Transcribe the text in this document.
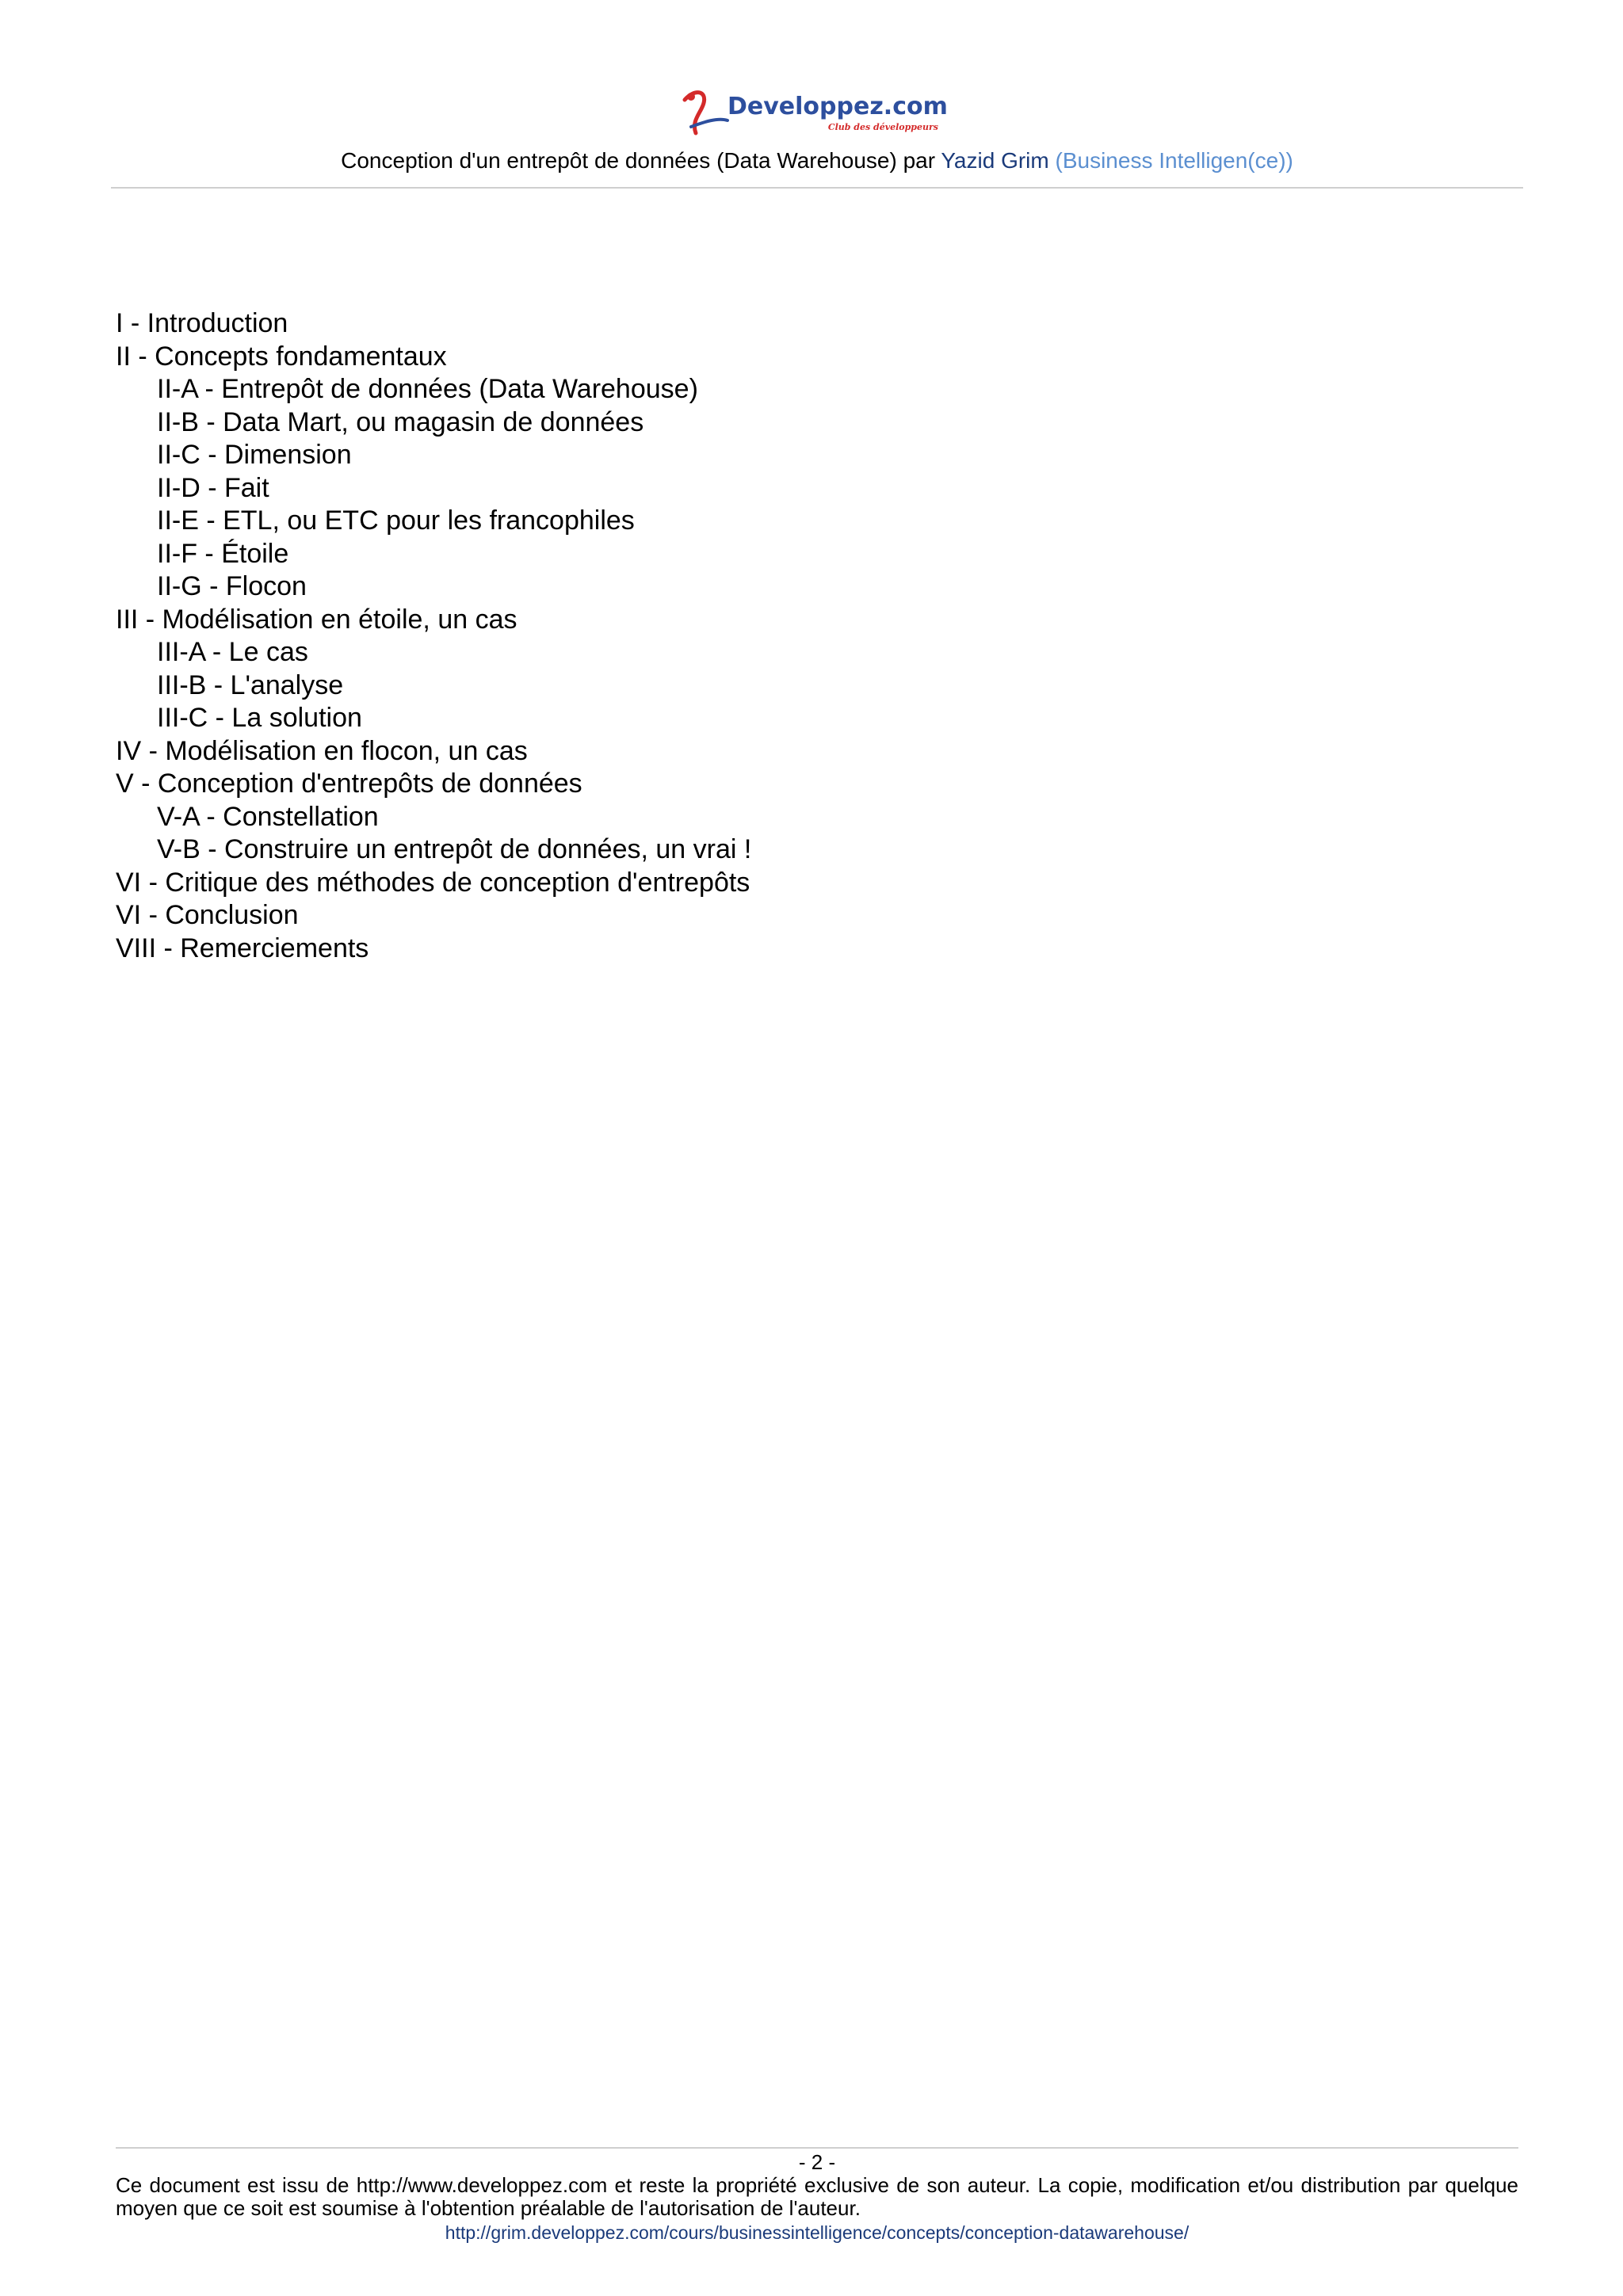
Developpez.com
Club des développeurs
Conception d'un entrepôt de données (Data Warehouse) par Yazid Grim (Business Intelligen(ce))
I - Introduction
II - Concepts fondamentaux
II-A - Entrepôt de données (Data Warehouse)
II-B - Data Mart, ou magasin de données
II-C - Dimension
II-D - Fait
II-E - ETL, ou ETC pour les francophiles
II-F - Étoile
II-G - Flocon
III - Modélisation en étoile, un cas
III-A - Le cas
III-B - L'analyse
III-C - La solution
IV - Modélisation en flocon, un cas
V - Conception d'entrepôts de données
V-A - Constellation
V-B - Construire un entrepôt de données, un vrai !
VI - Critique des méthodes de conception d'entrepôts
VI - Conclusion
VIII - Remerciements
- 2 -
Ce document est issu de http://www.developpez.com et reste la propriété exclusive de son auteur. La copie, modification et/ou distribution par quelque moyen que ce soit est soumise à l'obtention préalable de l'autorisation de l'auteur.
http://grim.developpez.com/cours/businessintelligence/concepts/conception-datawarehouse/
